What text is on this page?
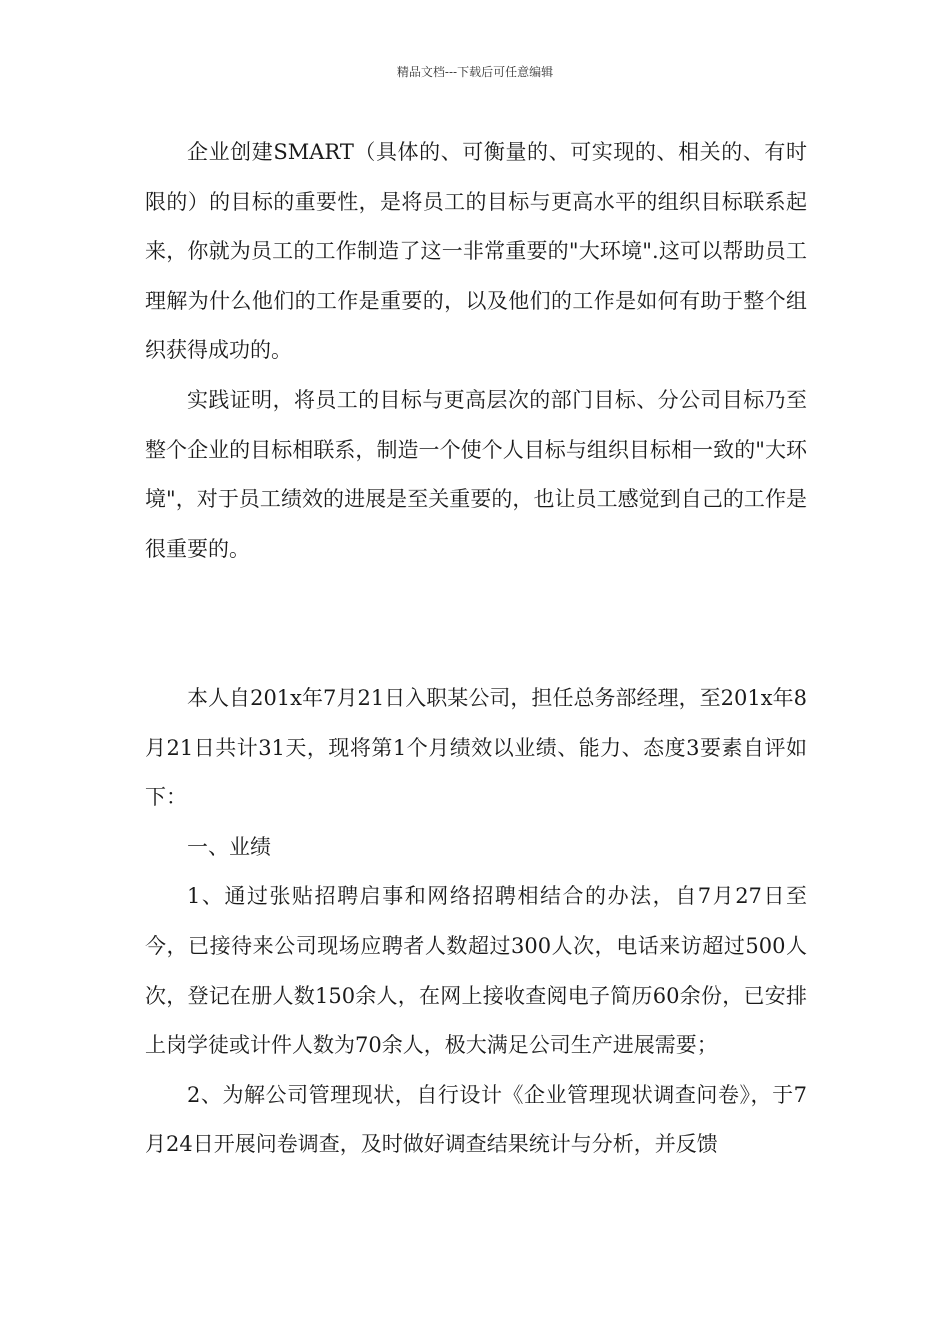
精品文档---下载后可任意编辑

企业创建SMART（具体的、可衡量的、可实现的、相关的、有时限的）的目标的重要性，是将员工的目标与更高水平的组织目标联系起来，你就为员工的工作制造了这一非常重要的"大环境".这可以帮助员工理解为什么他们的工作是重要的，以及他们的工作是如何有助于整个组织获得成功的。

实践证明，将员工的目标与更高层次的部门目标、分公司目标乃至整个企业的目标相联系，制造一个使个人目标与组织目标相一致的"大环境"，对于员工绩效的进展是至关重要的，也让员工感觉到自己的工作是很重要的。

本人自201x年7月21日入职某公司，担任总务部经理，至201x年8月21日共计31天，现将第1个月绩效以业绩、能力、态度3要素自评如下：

一、业绩

1、通过张贴招聘启事和网络招聘相结合的办法，自7月27日至今，已接待来公司现场应聘者人数超过300人次，电话来访超过500人次，登记在册人数150余人，在网上接收查阅电子简历60余份，已安排上岗学徒或计件人数为70余人，极大满足公司生产进展需要；

2、为解公司管理现状，自行设计《企业管理现状调查问卷》，于7月24日开展问卷调查，及时做好调查结果统计与分析，并反馈
